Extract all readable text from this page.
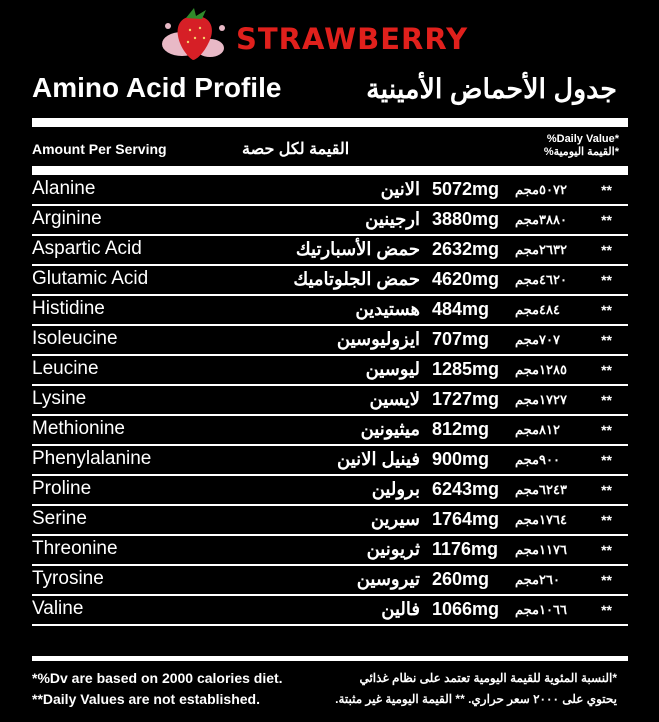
STRAWBERRY
Amino Acid Profile	جدول الأحماض الأمينية
Amount Per Serving	القيمة لكل حصة
%Daily Value*
%القيمة اليومية*
Alanine	الانين 5072mg ٥٠٧٢مجم **
Arginine	ارجينين 3880mg ٣٨٨٠مجم **
Aspartic Acid	حمض الأسبارتيك 2632mg ٢٦٣٢مجم **
Glutamic Acid	حمض الجلوتاميك 4620mg ٤٦٢٠مجم **
Histidine	هستيدين 484mg ٤٨٤مجم	**
Isoleucine	ايزوليوسين 707mg ٧٠٧مجم	**
Leucine	ليوسين 1285mg ١٢٨٥مجم **
Lysine	لايسين 1727mg ١٧٢٧مجم **
Methionine	ميثيونين 812mg ٨١٢مجم	**
Phenylalanine	فينيل الانين 900mg ٩٠٠مجم	**
Proline	برولين 6243mg ٦٢٤٣مجم **
Serine	سيرين 1764mg ١٧٦٤مجم **
Threonine	ثريونين 1176mg ١١٧٦مجم **
Tyrosine	تيروسين 260mg ٢٦٠مجم	**
Valine	فالين 1066mg ١٠٦٦مجم **
*%Dv are based on 2000 calories diet.
**Daily Values are not established.
*النسبة المئوية للقيمة اليومية تعتمد على نظام غذائي
يحتوي على ٢٠٠٠ سعر حراري. ** القيمة اليومية غير مثبتة.
